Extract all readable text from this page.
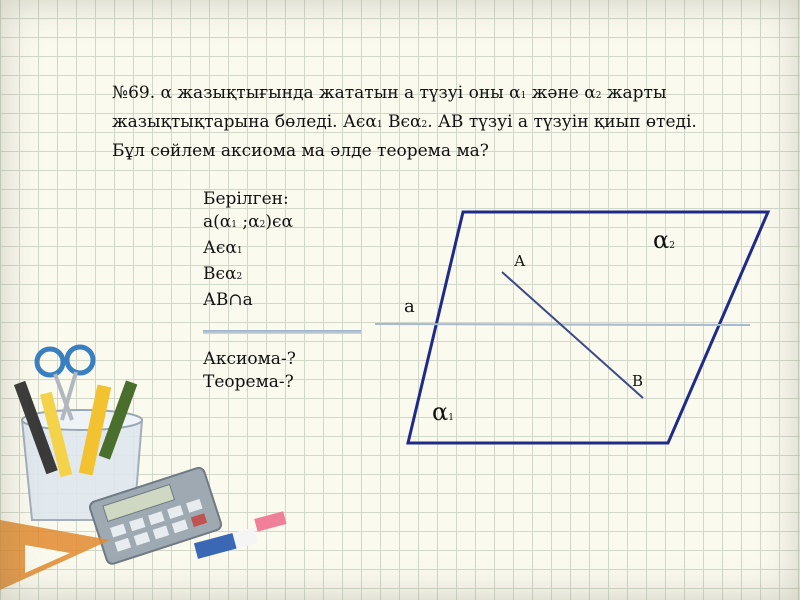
№69. α жазықтығында жататын а түзуі оны α1 және α2 жарты жазықтықтарына бөледі. Аєα1 Вєα2. АВ түзуі а түзуін қиып өтеді. Бұл сөйлем аксиома ма әлде теорема ма?
Берілген:
а(α1 ;α2)єα
Аєα1
Вєα2
АВ∩а
Аксиома-?
Теорема-?
а
А
В
α2
α1
